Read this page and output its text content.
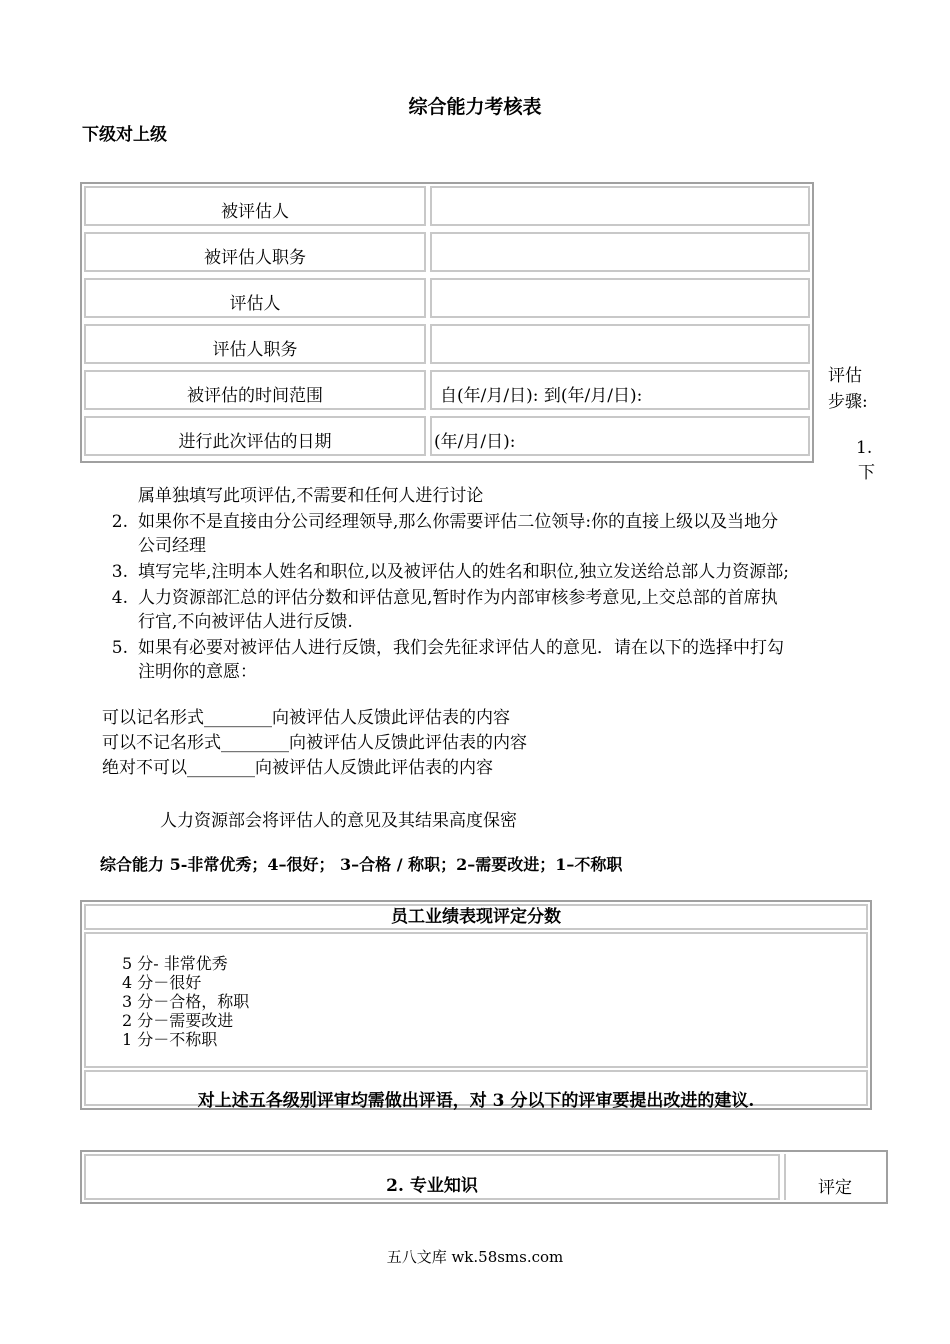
综合能力考核表
下级对上级
被评估人
被评估人职务
评估人
评估人职务
被评估的时间范围	自(年/月/日): 到(年/月/日):
进行此次评估的日期	(年/月/日):
评估
步骤:
1.
下
属单独填写此项评估,不需要和任何人进行讨论
2. 如果你不是直接由分公司经理领导,那么你需要评估二位领导:你的直接上级以及当地分
公司经理
3. 填写完毕,注明本人姓名和职位,以及被评估人的姓名和职位,独立发送给总部人力资源部;
4. 人力资源部汇总的评估分数和评估意见,暂时作为内部审核参考意见,上交总部的首席执
行官,不向被评估人进行反馈.
5. 如果有必要对被评估人进行反馈，我们会先征求评估人的意见．请在以下的选择中打勾
注明你的意愿：
可以记名形式________向被评估人反馈此评估表的内容
可以不记名形式________向被评估人反馈此评估表的内容
绝对不可以________向被评估人反馈此评估表的内容
人力资源部会将评估人的意见及其结果高度保密
综合能力 5-非常优秀；4–很好； 3–合格 / 称职；2–需要改进；1–不称职
员工业绩表现评定分数
5 分- 非常优秀
4 分－很好
3 分－合格，称职
2 分－需要改进
1 分－不称职
对上述五各级别评审均需做出评语，对 3 分以下的评审要提出改进的建议.
2. 专业知识	评定
五八文库 wk.58sms.com
